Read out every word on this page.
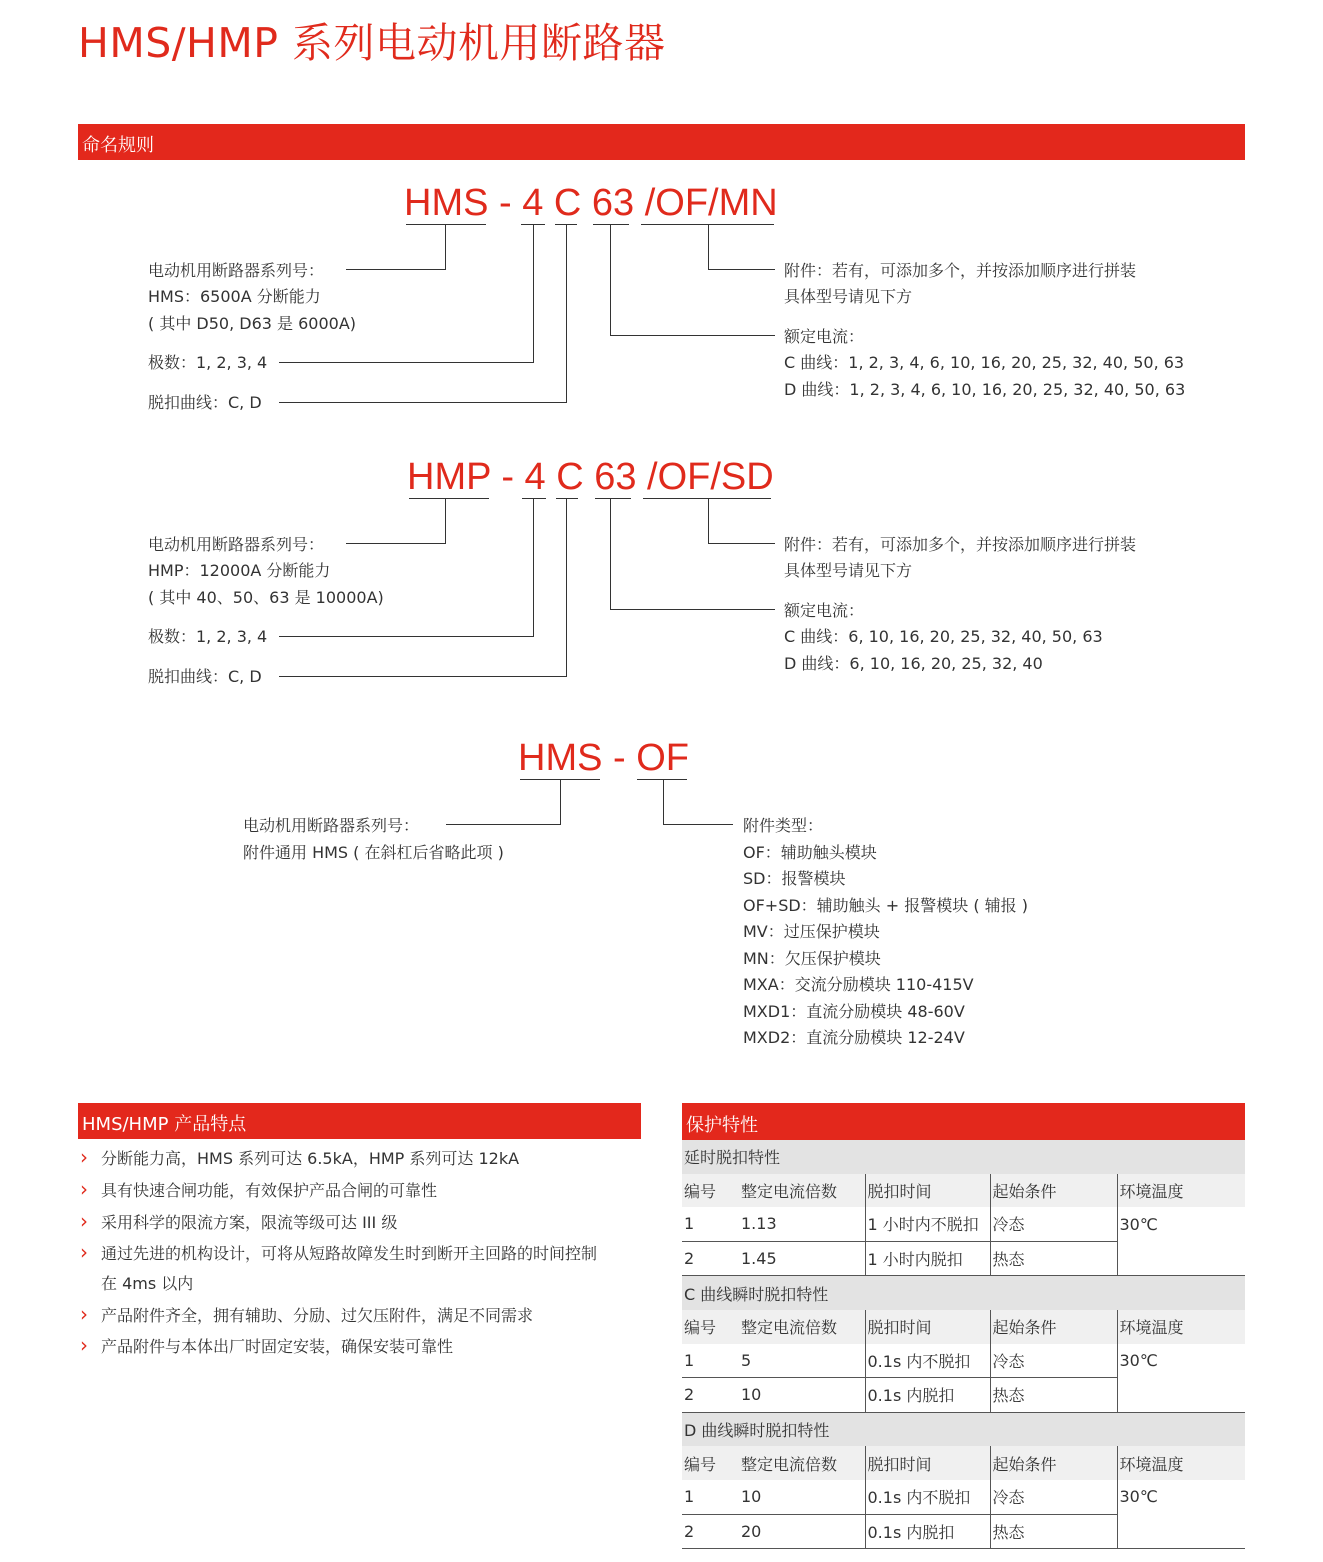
HMS/HMP 系列电动机用断路器
命名规则
HMS - 4 C 63 /OF/MN
电动机用断路器系列号：
HMS：6500A 分断能力
( 其中 D50, D63 是 6000A)
极数：1, 2, 3, 4
脱扣曲线：C, D
附件：若有，可添加多个，并按添加顺序进行拼装
具体型号请见下方
额定电流：
C 曲线：1, 2, 3, 4, 6, 10, 16, 20, 25, 32, 40, 50, 63
D 曲线：1, 2, 3, 4, 6, 10, 16, 20, 25, 32, 40, 50, 63
HMP - 4 C 63 /OF/SD
电动机用断路器系列号：
HMP：12000A 分断能力
( 其中 40、50、63 是 10000A)
极数：1, 2, 3, 4
脱扣曲线：C, D
附件：若有，可添加多个，并按添加顺序进行拼装
具体型号请见下方
额定电流：
C 曲线：6, 10, 16, 20, 25, 32, 40, 50, 63
D 曲线：6, 10, 16, 20, 25, 32, 40
HMS - OF
电动机用断路器系列号：
附件通用 HMS ( 在斜杠后省略此项 )
附件类型：
OF：辅助触头模块
SD：报警模块
OF+SD：辅助触头 + 报警模块 ( 辅报 )
MV：过压保护模块
MN：欠压保护模块
MXA：交流分励模块 110-415V
MXD1：直流分励模块 48-60V
MXD2：直流分励模块 12-24V
HMS/HMP 产品特点
› 分断能力高，HMS 系列可达 6.5kA，HMP 系列可达 12kA
› 具有快速合闸功能，有效保护产品合闸的可靠性
› 采用科学的限流方案，限流等级可达 III 级
› 通过先进的机构设计，可将从短路故障发生时到断开主回路的时间控制
在 4ms 以内
› 产品附件齐全，拥有辅助、分励、过欠压附件，满足不同需求
› 产品附件与本体出厂时固定安装，确保安装可靠性
保护特性
延时脱扣特性				
编号	整定电流倍数	脱扣时间	起始条件	环境温度
1	1.13	1 小时内不脱扣	冷态	30℃
2	1.45	1 小时内脱扣	热态	
C 曲线瞬时脱扣特性				
编号	整定电流倍数	脱扣时间	起始条件	环境温度
1	5	0.1s 内不脱扣	冷态	30℃
2	10	0.1s 内脱扣	热态	
D 曲线瞬时脱扣特性				
编号	整定电流倍数	脱扣时间	起始条件	环境温度
1	10	0.1s 内不脱扣	冷态	30℃
2	20	0.1s 内脱扣	热态	
